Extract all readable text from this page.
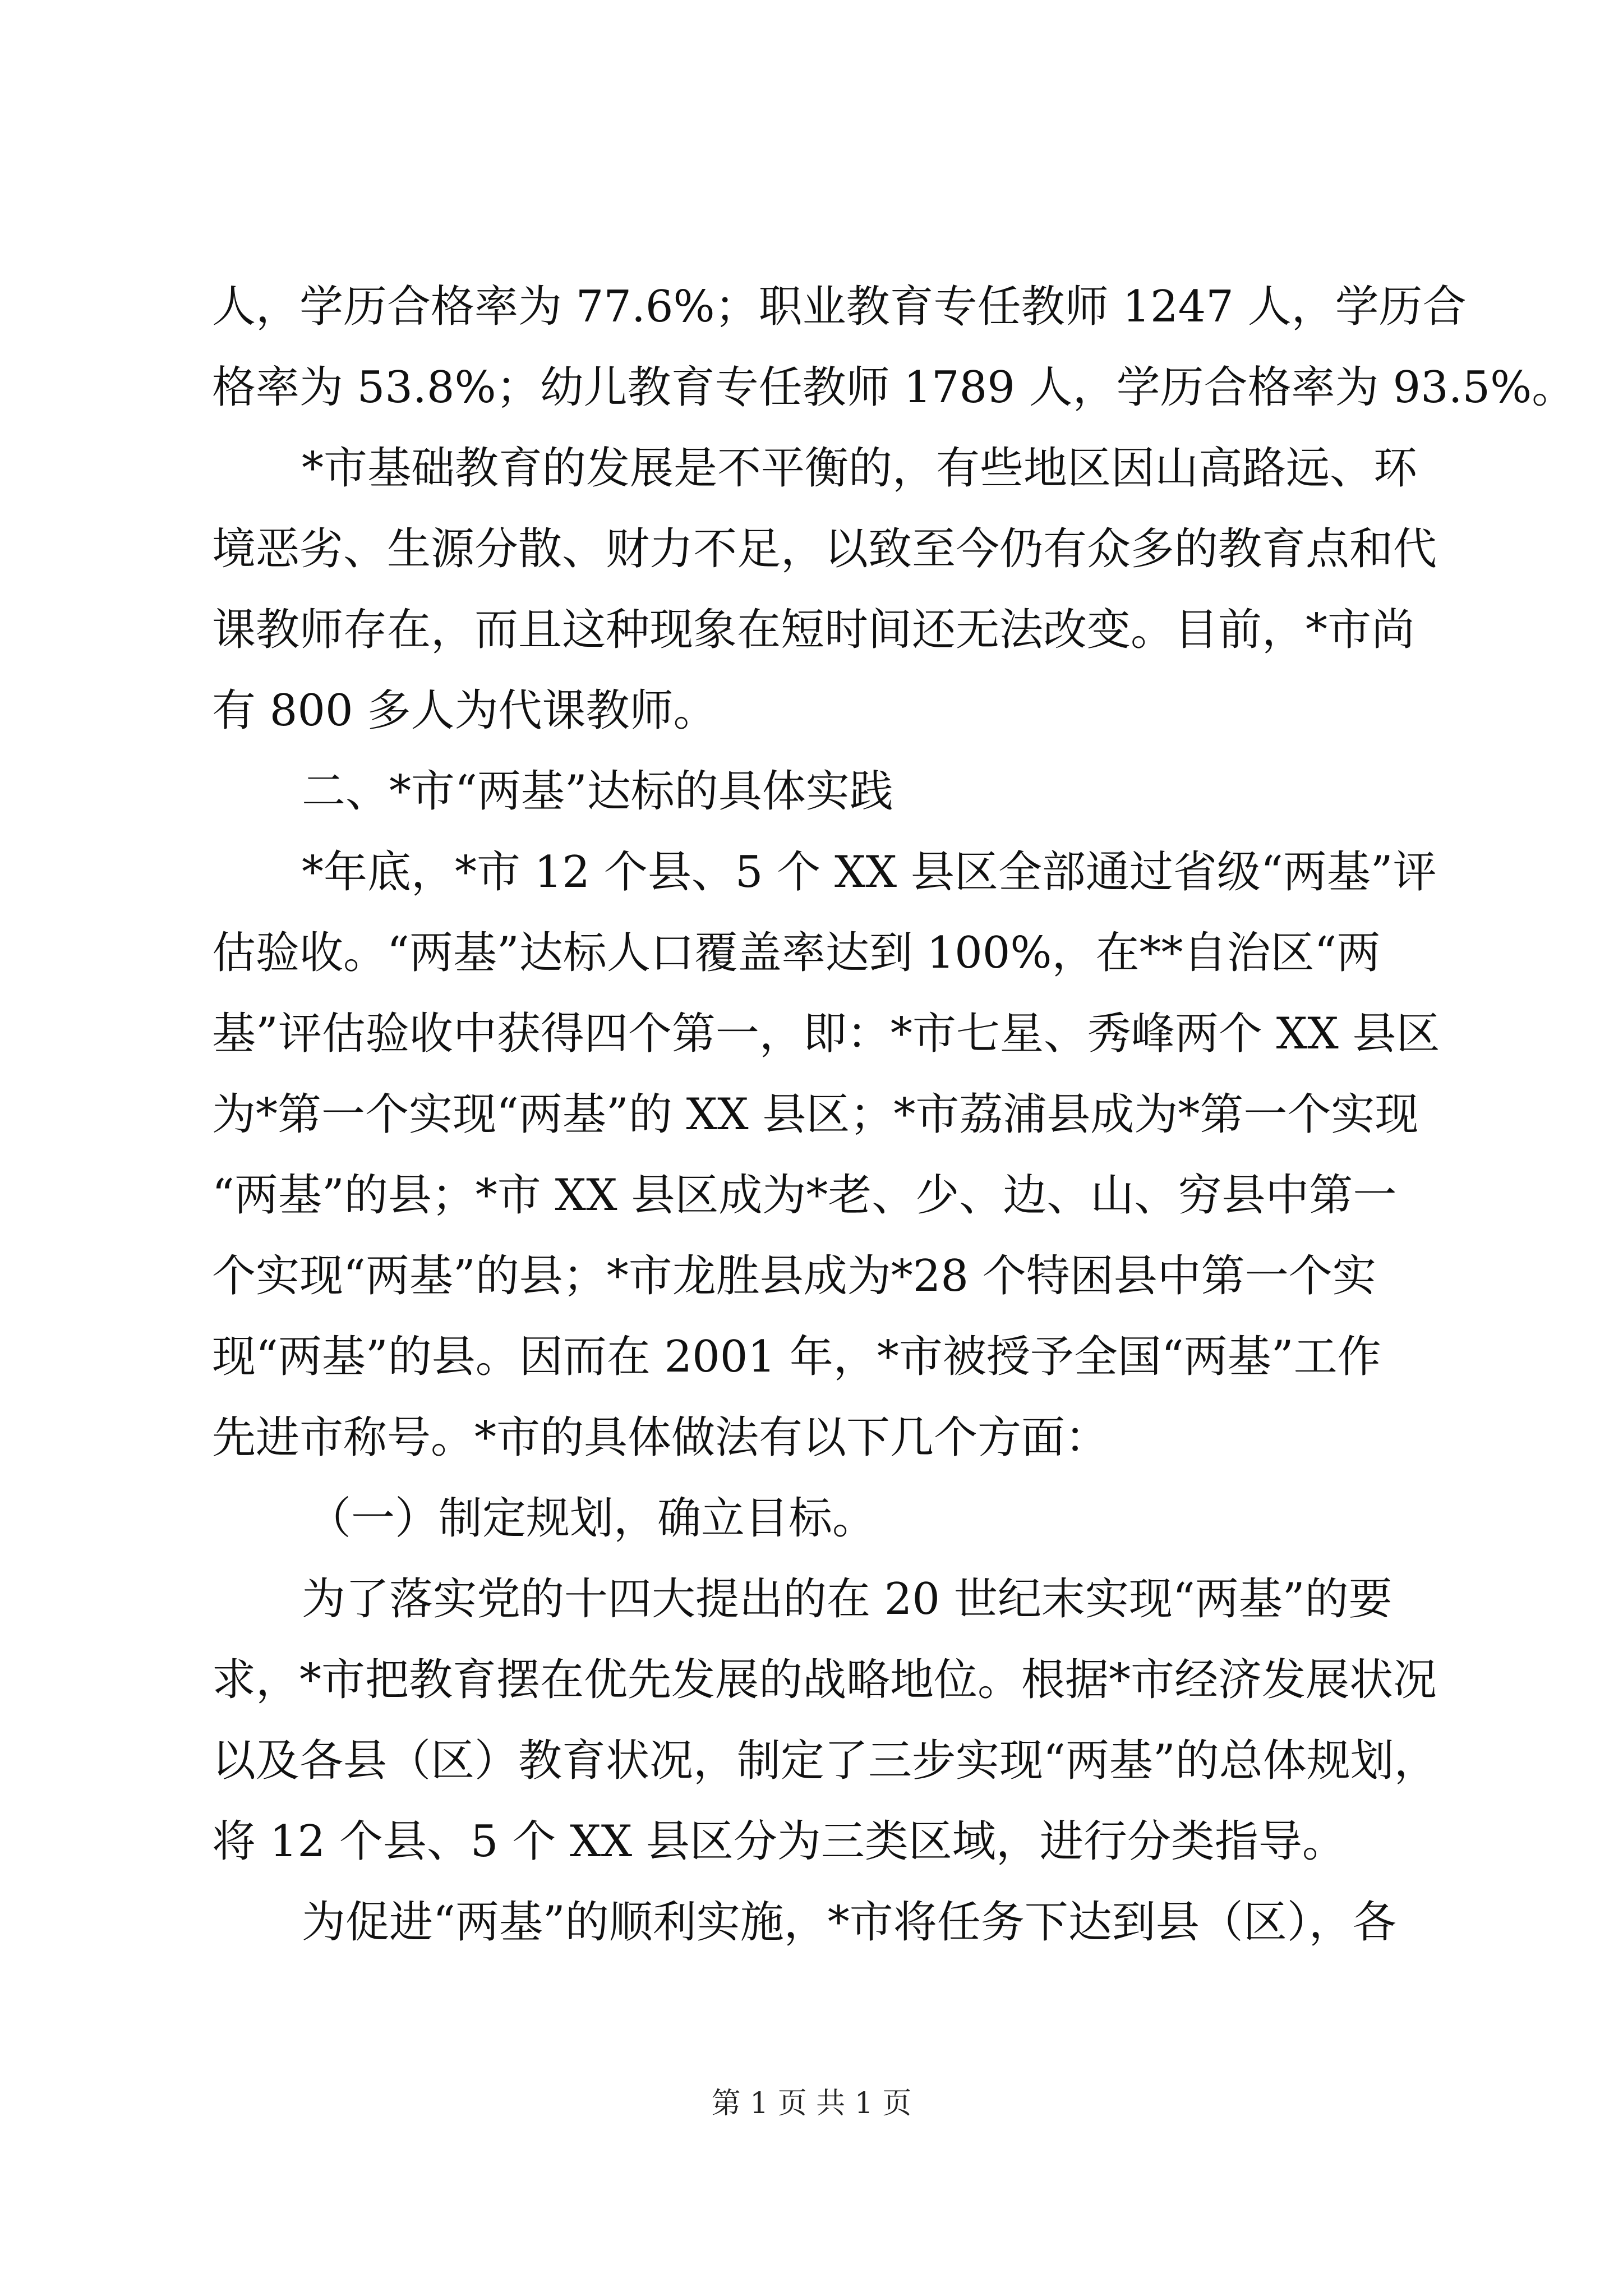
人，学历合格率为 77.6%；职业教育专任教师 1247 人，学历合
格率为 53.8%；幼儿教育专任教师 1789 人，学历合格率为 93.5%。
*市基础教育的发展是不平衡的，有些地区因山高路远、环
境恶劣、生源分散、财力不足，以致至今仍有众多的教育点和代
课教师存在，而且这种现象在短时间还无法改变。目前，*市尚
有 800 多人为代课教师。
二、*市“两基”达标的具体实践
*年底，*市 12 个县、5 个 XX 县区全部通过省级“两基”评
估验收。“两基”达标人口覆盖率达到 100%，在**自治区“两
基”评估验收中获得四个第一，即：*市七星、秀峰两个 XX 县区
为*第一个实现“两基”的 XX 县区；*市荔浦县成为*第一个实现
“两基”的县；*市 XX 县区成为*老、少、边、山、穷县中第一
个实现“两基”的县；*市龙胜县成为*28 个特困县中第一个实
现“两基”的县。因而在 2001 年，*市被授予全国“两基”工作
先进市称号。*市的具体做法有以下几个方面：
（一）制定规划，确立目标。
为了落实党的十四大提出的在 20 世纪末实现“两基”的要
求，*市把教育摆在优先发展的战略地位。根据*市经济发展状况
以及各县（区）教育状况，制定了三步实现“两基”的总体规划，
将 12 个县、5 个 XX 县区分为三类区域，进行分类指导。
为促进“两基”的顺利实施，*市将任务下达到县（区），各
第 1 页 共 1 页
